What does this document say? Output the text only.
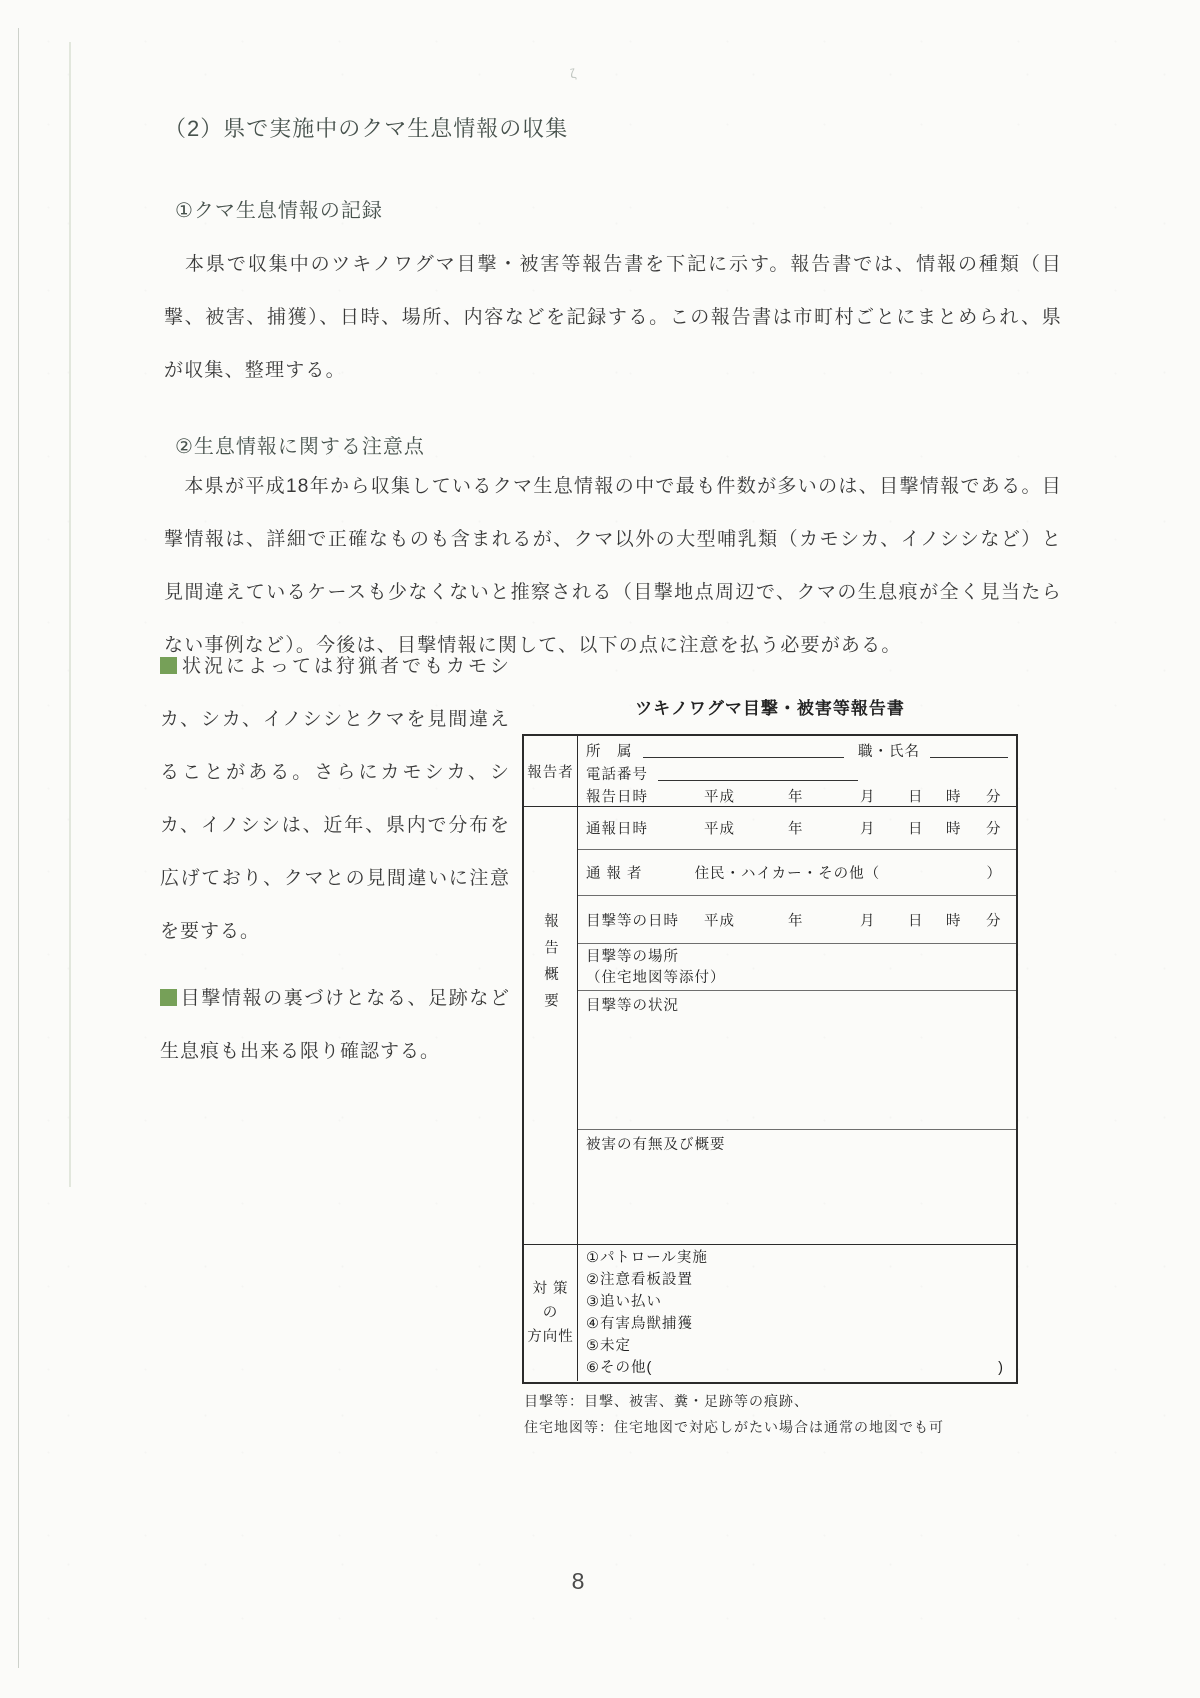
ζ
（2）県で実施中のクマ生息情報の収集
①クマ生息情報の記録

　本県で収集中のツキノワグマ目撃・被害等報告書を下記に示す。報告書では、情報の種類（目撃、被害、捕獲）、日時、場所、内容などを記録する。この報告書は市町村ごとにまとめられ、県が収集、整理する。

②生息情報に関する注意点

　本県が平成18年から収集しているクマ生息情報の中で最も件数が多いのは、目撃情報である。目撃情報は、詳細で正確なものも含まれるが、クマ以外の大型哺乳類（カモシカ、イノシシなど）と見間違えているケースも少なくないと推察される（目撃地点周辺で、クマの生息痕が全く見当たらない事例など）。今後は、目撃情報に関して、以下の点に注意を払う必要がある。

状況によっては狩猟者でもカモシカ、シカ、イノシシとクマを見間違えることがある。さらにカモシカ、シカ、イノシシは、近年、県内で分布を広げており、クマとの見間違いに注意を要する。
目撃情報の裏づけとなる、足跡など生息痕も出来る限り確認する。
ツキノワグマ目撃・被害等報告書
報告者
所　属	職・氏名
電話番号
報告日時	平成	年	月 日 時 分
報告概要
通報日時	平成	年	月 日 時 分
通 報 者	住民・ハイカー・その他（	）
目撃等の日時 平成	年	月 日 時 分
目撃等の場所
（住宅地図等添付）
目撃等の状況
被害の有無及び概要
対 策 の
方向性
①パトロール実施
②注意看板設置
③追い払い
④有害鳥獣捕獲
⑤未定
⑥その他(	)
目撃等：目撃、被害、糞・足跡等の痕跡、
住宅地図等：住宅地図で対応しがたい場合は通常の地図でも可
8
